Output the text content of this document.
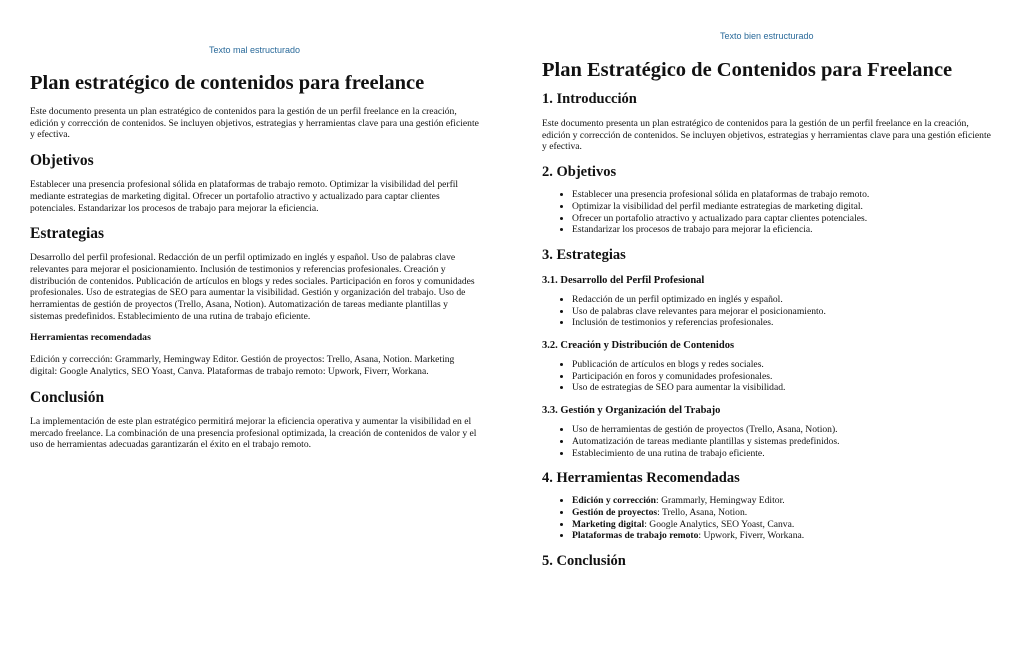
Texto mal estructurado
Texto bien estructurado
Plan estratégico de contenidos para freelance

Este documento presenta un plan estratégico de contenidos para la gestión de un perfil freelance en la creación, edición y corrección de contenidos. Se incluyen objetivos, estrategias y herramientas clave para una gestión eficiente y efectiva.

Objetivos

Establecer una presencia profesional sólida en plataformas de trabajo remoto. Optimizar la visibilidad del perfil mediante estrategias de marketing digital. Ofrecer un portafolio atractivo y actualizado para captar clientes potenciales. Estandarizar los procesos de trabajo para mejorar la eficiencia.

Estrategias

Desarrollo del perfil profesional. Redacción de un perfil optimizado en inglés y español. Uso de palabras clave relevantes para mejorar el posicionamiento. Inclusión de testimonios y referencias profesionales. Creación y distribución de contenidos. Publicación de artículos en blogs y redes sociales. Participación en foros y comunidades profesionales. Uso de estrategias de SEO para aumentar la visibilidad. Gestión y organización del trabajo. Uso de herramientas de gestión de proyectos (Trello, Asana, Notion). Automatización de tareas mediante plantillas y sistemas predefinidos. Establecimiento de una rutina de trabajo eficiente.

Herramientas recomendadas

Edición y corrección: Grammarly, Hemingway Editor. Gestión de proyectos: Trello, Asana, Notion. Marketing digital: Google Analytics, SEO Yoast, Canva. Plataformas de trabajo remoto: Upwork, Fiverr, Workana.

Conclusión

La implementación de este plan estratégico permitirá mejorar la eficiencia operativa y aumentar la visibilidad en el mercado freelance. La combinación de una presencia profesional optimizada, la creación de contenidos de valor y el uso de herramientas adecuadas garantizarán el éxito en el trabajo remoto.

Plan Estratégico de Contenidos para Freelance
1. Introducción

Este documento presenta un plan estratégico de contenidos para la gestión de un perfil freelance en la creación, edición y corrección de contenidos. Se incluyen objetivos, estrategias y herramientas clave para una gestión eficiente y efectiva.

2. Objetivos
• Establecer una presencia profesional sólida en plataformas de trabajo remoto.
• Optimizar la visibilidad del perfil mediante estrategias de marketing digital.
• Ofrecer un portafolio atractivo y actualizado para captar clientes potenciales.
• Estandarizar los procesos de trabajo para mejorar la eficiencia.
3. Estrategias
3.1. Desarrollo del Perfil Profesional
• Redacción de un perfil optimizado en inglés y español.
• Uso de palabras clave relevantes para mejorar el posicionamiento.
• Inclusión de testimonios y referencias profesionales.
3.2. Creación y Distribución de Contenidos
• Publicación de artículos en blogs y redes sociales.
• Participación en foros y comunidades profesionales.
• Uso de estrategias de SEO para aumentar la visibilidad.
3.3. Gestión y Organización del Trabajo
• Uso de herramientas de gestión de proyectos (Trello, Asana, Notion).
• Automatización de tareas mediante plantillas y sistemas predefinidos.
• Establecimiento de una rutina de trabajo eficiente.
4. Herramientas Recomendadas
• Edición y corrección: Grammarly, Hemingway Editor.
• Gestión de proyectos: Trello, Asana, Notion.
• Marketing digital: Google Analytics, SEO Yoast, Canva.
• Plataformas de trabajo remoto: Upwork, Fiverr, Workana.
5. Conclusión
